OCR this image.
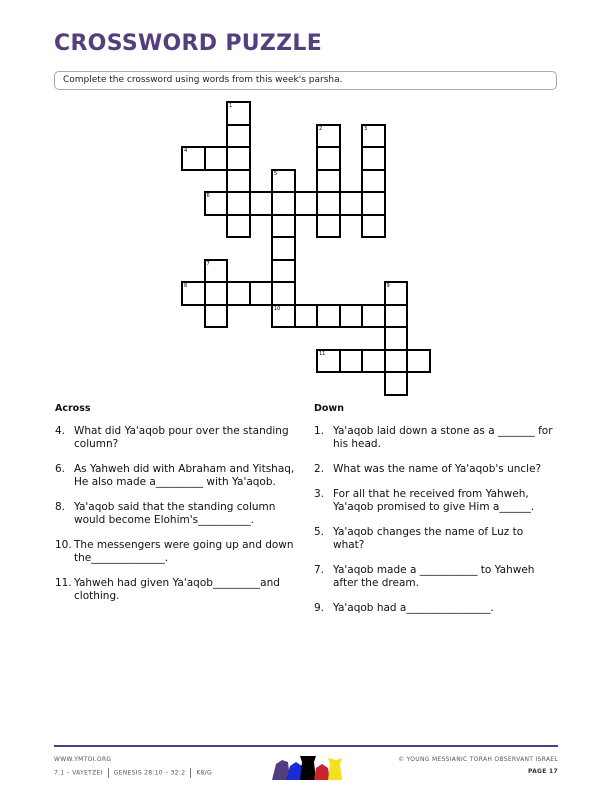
CROSSWORD PUZZLE
Complete the crossword using words from this week's parsha.
1
2	3
4
5
6
7
8	9
10
11
Across
4. What did Ya'aqob pour over the standing column?
6. As Yahweh did with Abraham and Yitshaq, He also made a_________ with Ya'aqob.
8. Ya'aqob said that the standing column would become Elohim's__________.
10. The messengers were going up and down the______________.
11. Yahweh had given Ya'aqob_________and clothing.
Down
1. Ya'aqob laid down a stone as a _______ for his head.
2. What was the name of Ya'aqob's uncle?
3. For all that he received from Yahweh, Ya'aqob promised to give Him a______.
5. Ya'aqob changes the name of Luz to what?
7. Ya'aqob made a ___________ to Yahweh after the dream.
9. Ya'aqob had a________________.
WWW.YMTOI.ORG
7.1 – VAYETZEI GENESIS 28:10 – 32:2 K8/G
© YOUNG MESSIANIC TORAH OBSERVANT ISRAEL
PAGE 17
